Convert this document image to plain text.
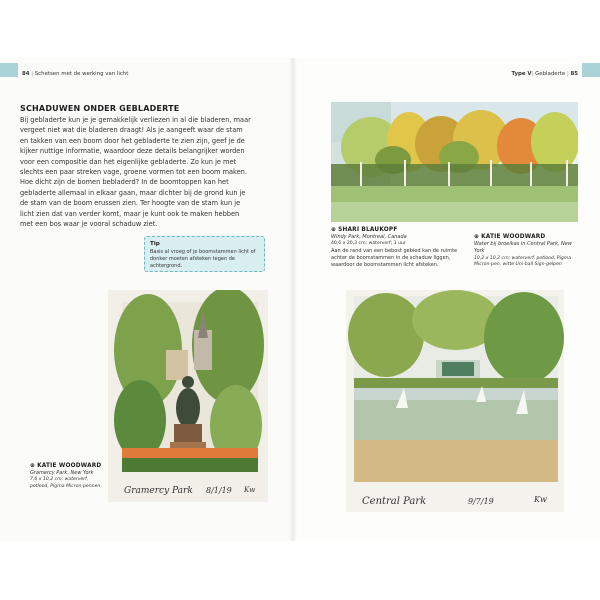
84 | Schetsen met de werking van licht	Type V| Gebladerte | 85
SCHADUWEN ONDER GEBLADERTE
Bij gebladerte kun je je gemakkelijk verliezen in al die bladeren, maar vergeet niet wat die bladeren draagt! Als je aangeeft waar de stam en takken van een boom door het gebladerte te zien zijn, geef je de kijker nuttige informatie, waardoor deze details belangrijker worden voor een compositie dan het eigenlijke gebladerte. Zo kun je met slechts een paar streken vage, groene vormen tot een boom maken. Hoe dicht zijn de bomen bebladerd? In de boomtoppen kan het gebladerte allemaal in elkaar gaan, maar dichter bij de grond kun je de stam van de boom erussen zien. Ter hoogte van de stam kun je licht zien dat van verder komt, maar je kunt ook te maken hebben met een bos waar je vooral schaduw ziet.
Tip
Basis al vroeg of je boomstammen licht of donker moeten afsteken tegen de achtergrond.
⊕ SHARI BLAUKOPF
Windy Park, Montreal, Canada
40,6 x 20,3 cm; waterverf; 1 uur
Aan de rand van een bebost gebied kan de ruimte achter de boomstammen in de schaduw liggen, waardoor de boomstammen licht afsteken.
⊕ KATIE WOODWARD
Water bij broeikas in Central Park, New York
10,2 x 10,2 cm; waterverf, potlood, Pigma Micron-pen, witte Uni-ball Sign-gelpen
Gramercy Park 8/1/19 Kw
⊕ KATIE WOODWARD
Gramercy Park, New York
7,6 x 10,2 cm; waterverf, potlood, Pigma Micron-pennen
Central Park	9/7/19	Kw
